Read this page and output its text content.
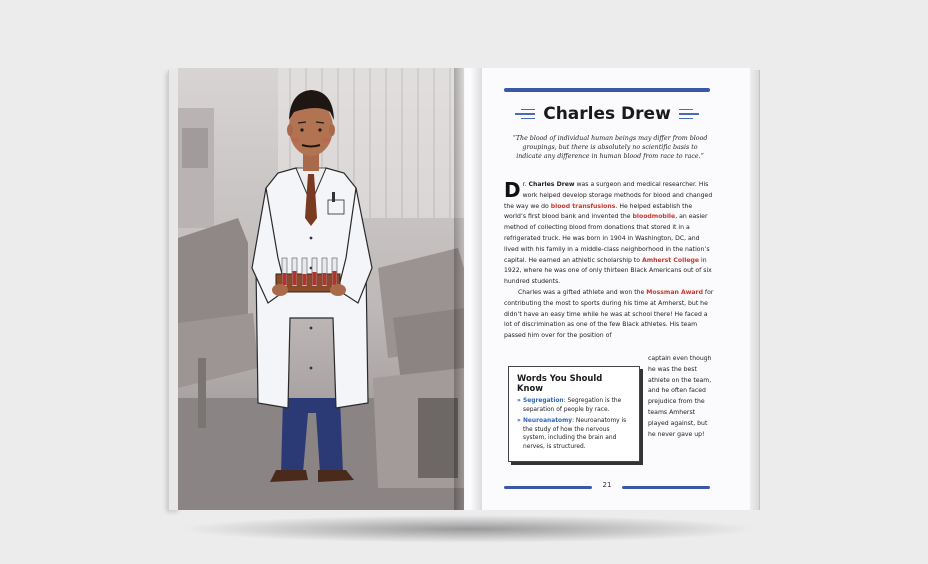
Charles Drew

“The blood of individual human beings may differ from blood groupings, but there is absolutely no scientific basis to indicate any difference in human blood from race to race.”

Dr. Charles Drew was a surgeon and medical researcher. His work helped develop storage methods for blood and changed the way we do blood transfusions. He helped establish the world’s first blood bank and invented the bloodmobile, an easier method of collecting blood from donations that stored it in a refrigerated truck. He was born in 1904 in Washington, DC, and lived with his family in a middle-class neighborhood in the nation’s capital. He earned an athletic scholarship to Amherst College in 1922, where he was one of only thirteen Black Americans out of six hundred students.

Charles was a gifted athlete and won the Mossman Award for contributing the most to sports during his time at Amherst, but he didn’t have an easy time while he was at school there! He faced a lot of discrimination as one of the few Black athletes. His team passed him over for the position of

captain even though he was the best athlete on the team, and he often faced prejudice from the teams Amherst played against, but he never gave up!

Words You Should Know
» Segregation: Segregation is the separation of people by race.
» Neuroanatomy: Neuroanatomy is the study of how the nervous system, including the brain and nerves, is structured.
21
